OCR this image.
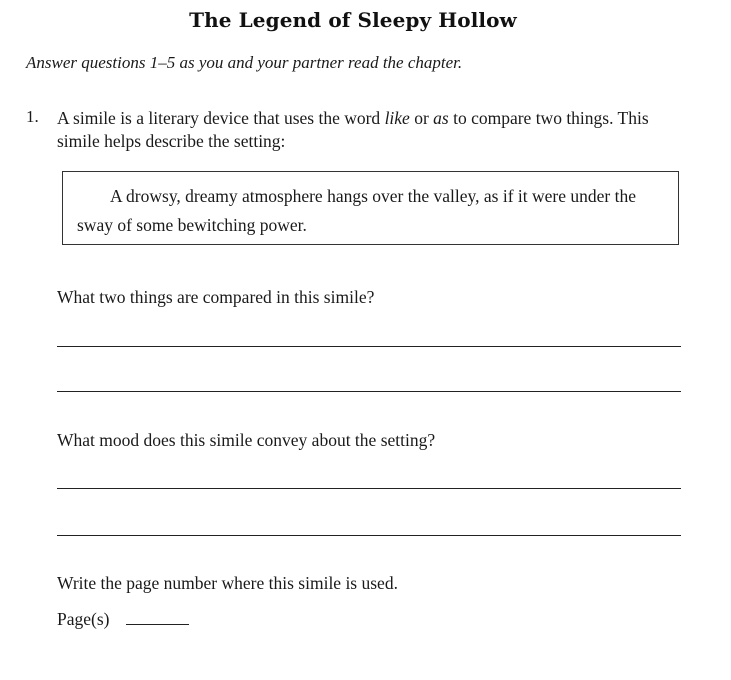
The Legend of Sleepy Hollow
Answer questions 1–5 as you and your partner read the chapter.
1. A simile is a literary device that uses the word like or as to compare two things. This simile helps describe the setting:
A drowsy, dreamy atmosphere hangs over the valley, as if it were under the
sway of some bewitching power.
What two things are compared in this simile?
What mood does this simile convey about the setting?
Write the page number where this simile is used.
Page(s)
